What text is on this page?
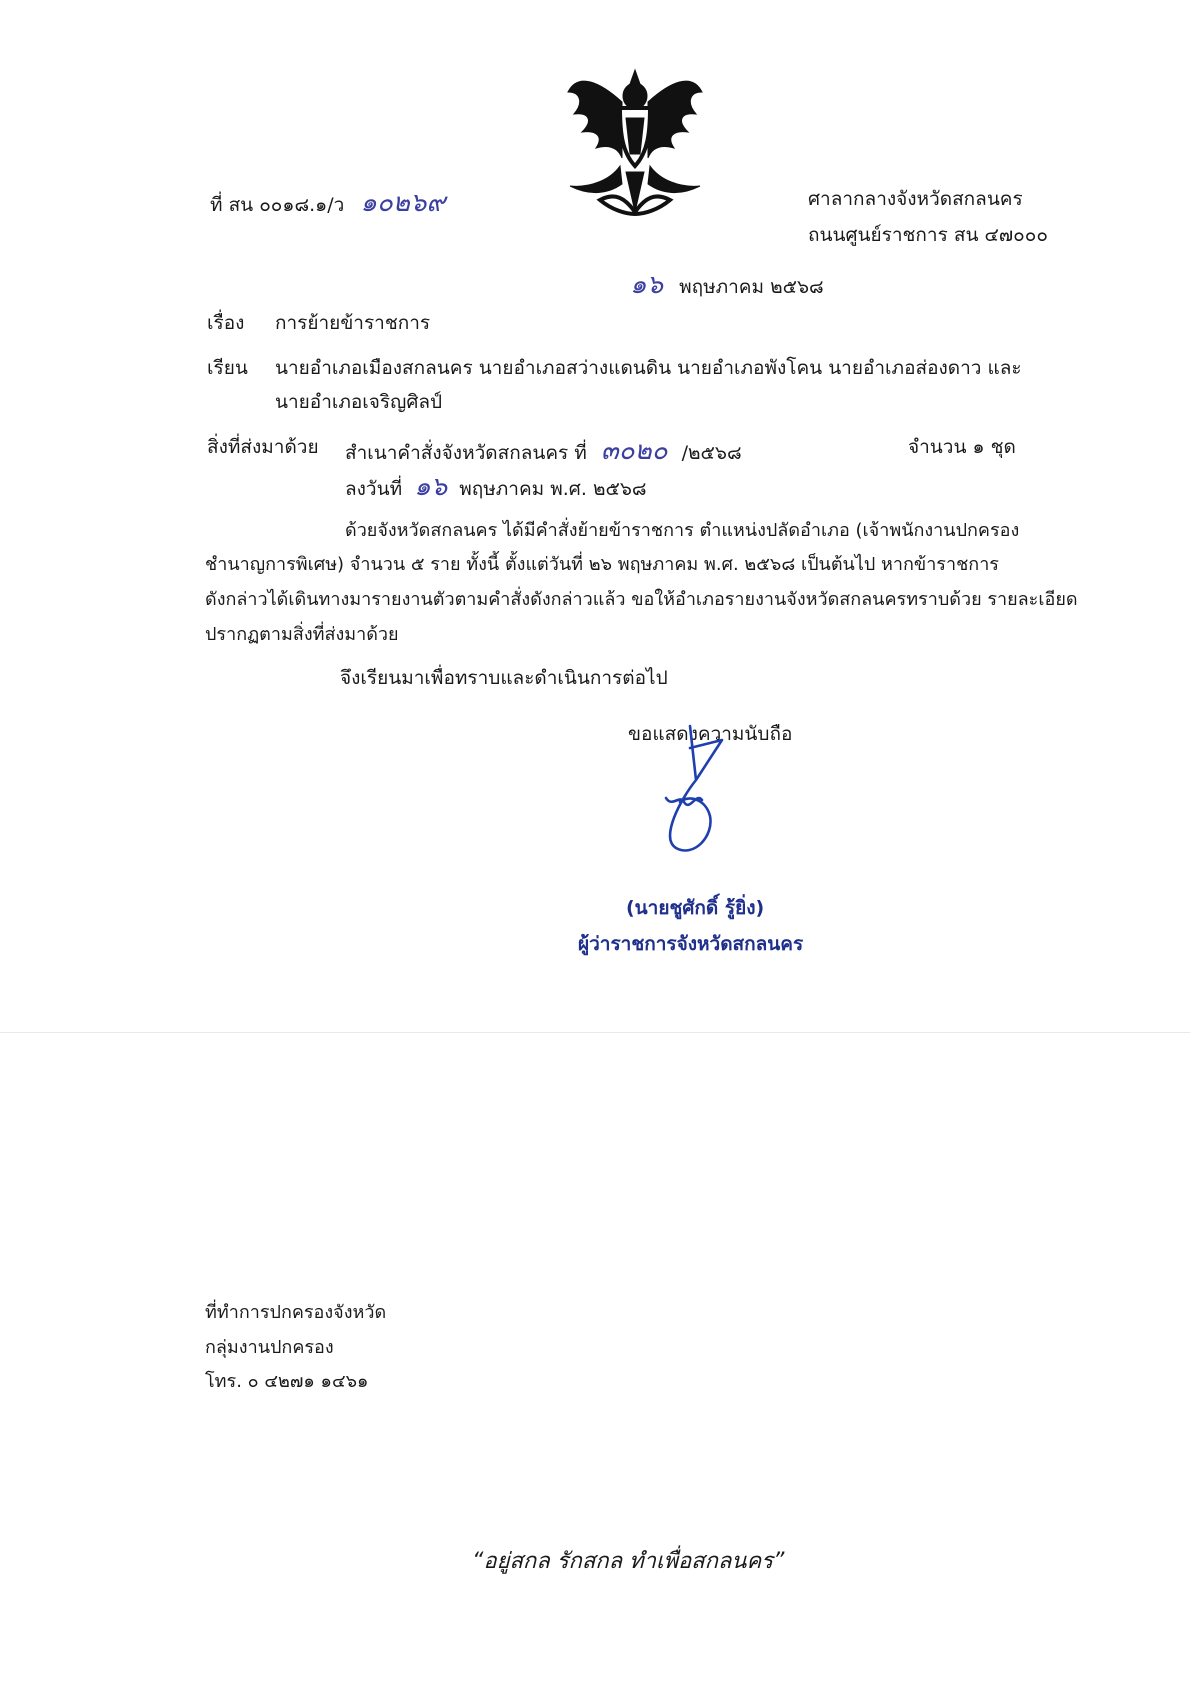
ที่ สน ๐๐๑๘.๑/ว ๑๐๒๖๙	ศาลากลางจังหวัดสกลนคร
ถนนศูนย์ราชการ สน ๔๗๐๐๐
๑๖ พฤษภาคม ๒๕๖๘
เรื่อง การย้ายข้าราชการ
เรียน นายอำเภอเมืองสกลนคร นายอำเภอสว่างแดนดิน นายอำเภอพังโคน นายอำเภอส่องดาว และ
นายอำเภอเจริญศิลป์
สิ่งที่ส่งมาด้วย สำเนาคำสั่งจังหวัดสกลนคร ที่ ๓๐๒๐ /๒๕๖๘	จำนวน ๑ ชุด
ลงวันที่ ๑๖ พฤษภาคม พ.ศ. ๒๕๖๘
ด้วยจังหวัดสกลนคร ได้มีคำสั่งย้ายข้าราชการ ตำแหน่งปลัดอำเภอ (เจ้าพนักงานปกครอง
ชำนาญการพิเศษ) จำนวน ๕ ราย ทั้งนี้ ตั้งแต่วันที่ ๒๖ พฤษภาคม พ.ศ. ๒๕๖๘ เป็นต้นไป หากข้าราชการ
ดังกล่าวได้เดินทางมารายงานตัวตามคำสั่งดังกล่าวแล้ว ขอให้อำเภอรายงานจังหวัดสกลนครทราบด้วย รายละเอียด
ปรากฏตามสิ่งที่ส่งมาด้วย
จึงเรียนมาเพื่อทราบและดำเนินการต่อไป
ขอแสดงความนับถือ
(นายชูศักดิ์ รู้ยิ่ง)
ผู้ว่าราชการจังหวัดสกลนคร
ที่ทำการปกครองจังหวัด
กลุ่มงานปกครอง
โทร. ๐ ๔๒๗๑ ๑๔๖๑
“อยู่สกล รักสกล ทำเพื่อสกลนคร”
